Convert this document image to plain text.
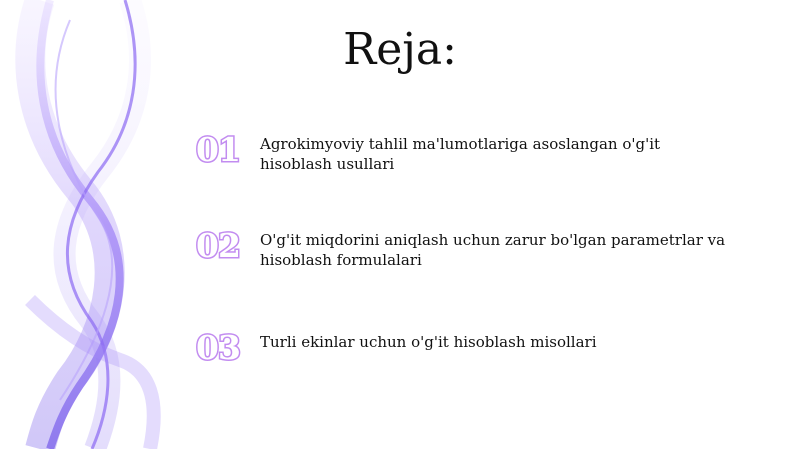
Reja:
01	Agrokimyoviy tahlil ma'lumotlariga asoslangan o'g'it hisoblash usullari
02	O'g'it miqdorini aniqlash uchun zarur bo'lgan parametrlar va hisoblash formulalari
03	Turli ekinlar uchun o'g'it hisoblash misollari
